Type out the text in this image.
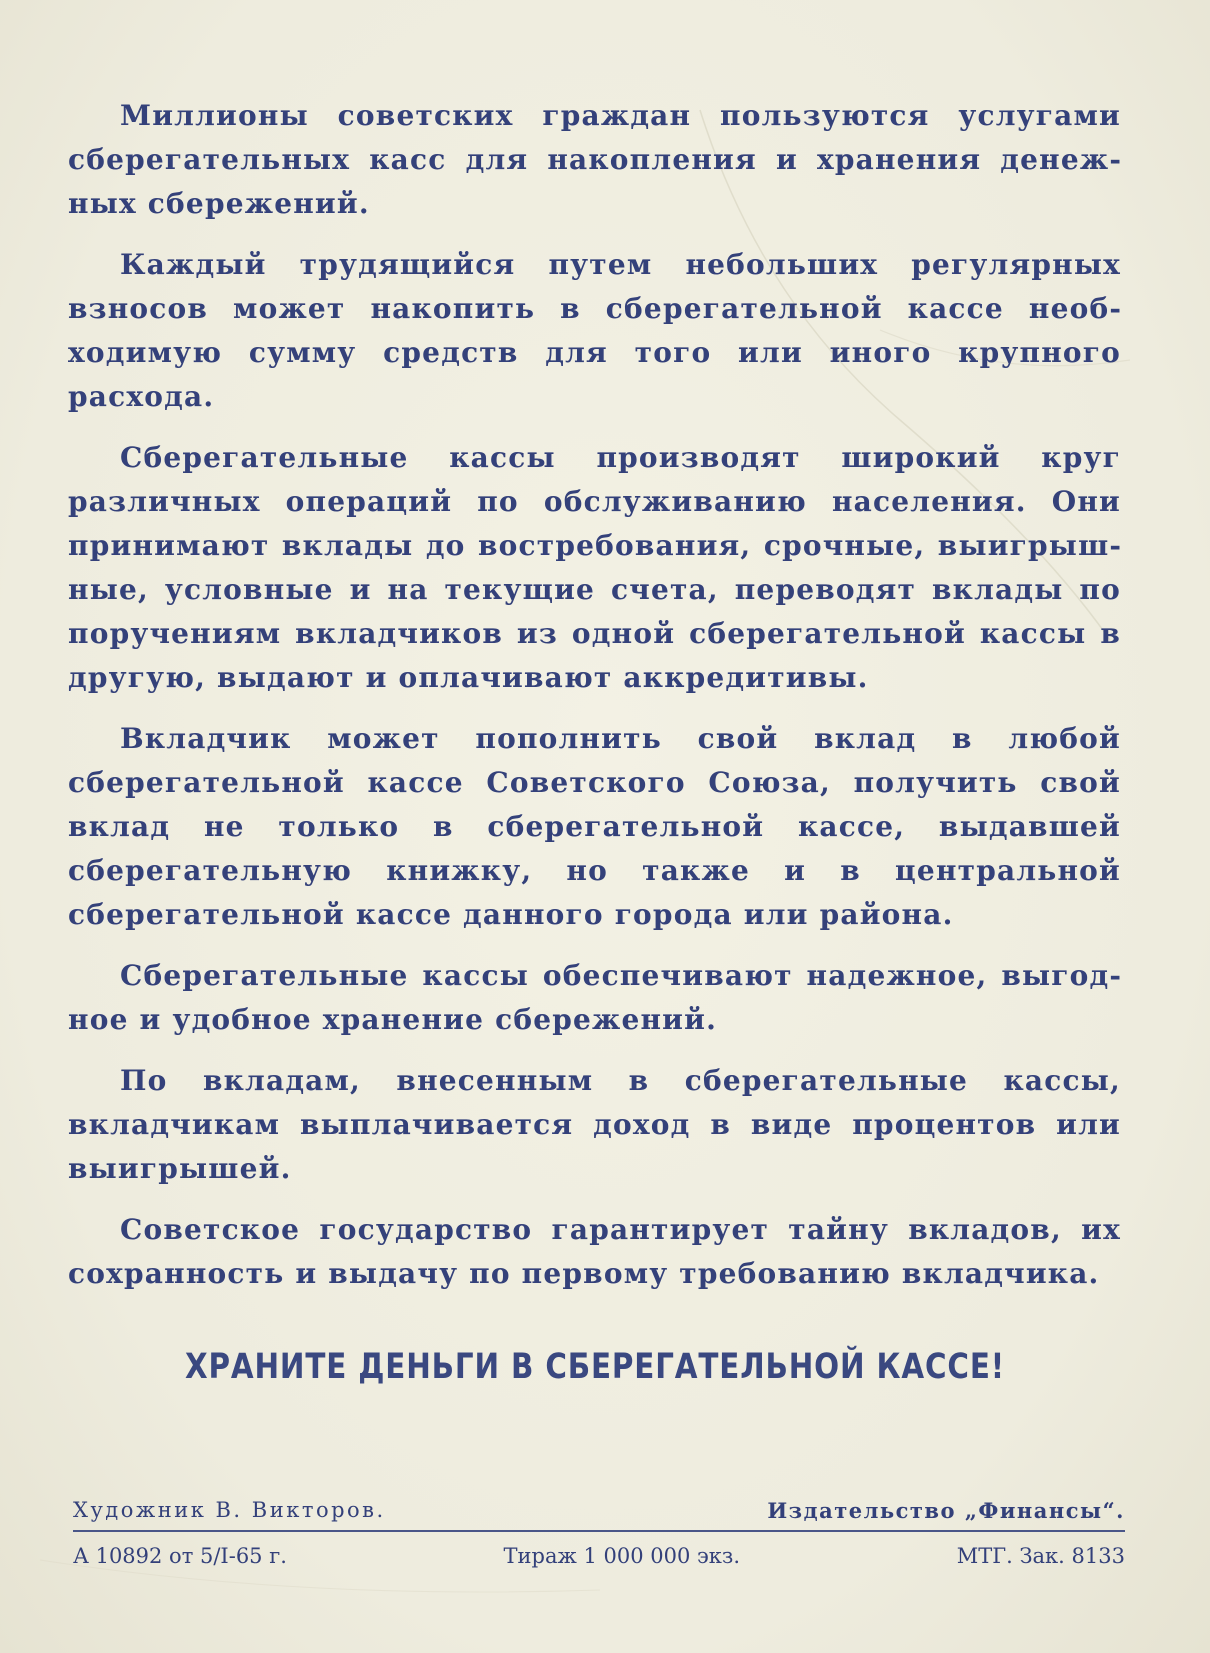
Миллионы советских граждан пользуются услугами сберегательных касс для накопления и хранения денежных сбережений.

Каждый трудящийся путем небольших регулярных взносов может накопить в сберегательной кассе необходимую сумму средств для того или иного крупного расхода.

Сберегательные кассы производят широкий круг различных операций по обслуживанию населения. Они принимают вклады до востребования, срочные, выигрышные, условные и на текущие счета, переводят вклады по поручениям вкладчиков из одной сберегательной кассы в другую, выдают и оплачивают аккредитивы.

Вкладчик может пополнить свой вклад в любой сберегательной кассе Советского Союза, получить свой вклад не только в сберегательной кассе, выдавшей сберегательную книжку, но также и в центральной сберегательной кассе данного города или района.

Сберегательные кассы обеспечивают надежное, выгодное и удобное хранение сбережений.

По вкладам, внесенным в сберегательные кассы, вкладчикам выплачивается доход в виде процентов или выигрышей.

Советское государство гарантирует тайну вкладов, их сохранность и выдачу по первому требованию вкладчика.

ХРАНИТЕ ДЕНЬГИ В СБЕРЕГАТЕЛЬНОЙ КАССЕ!
Художник В. Викторов.	Издательство „Финансы“.
А 10892 от 5/I-65 г.	Тираж 1 000 000 экз.	МТГ. Зак. 8133
